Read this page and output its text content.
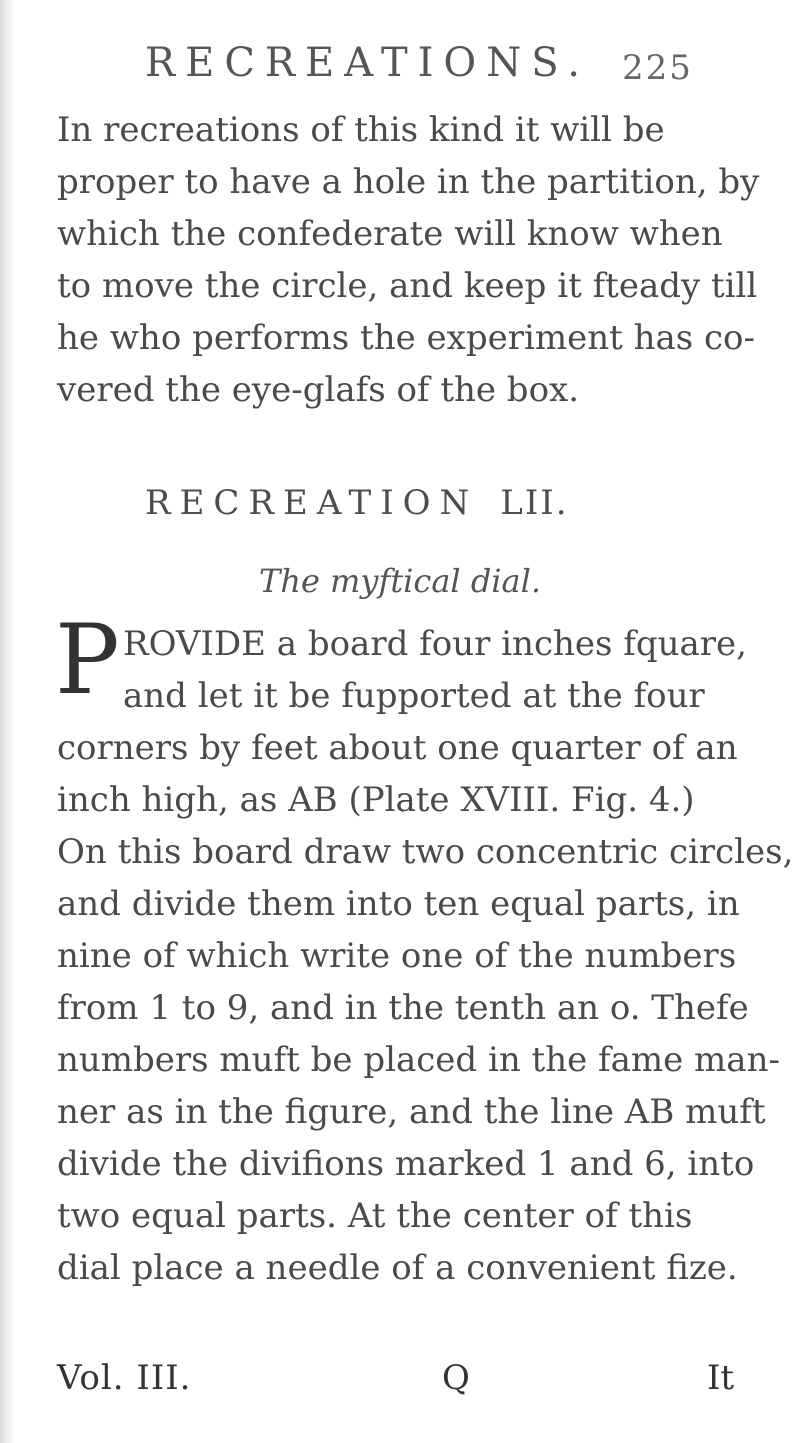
RECREATIONS. 225
In recreations of this kind it will be
proper to have a hole in the partition, by
which the confederate will know when
to move the circle, and keep it fteady till
he who performs the experiment has co-
vered the eye-glafs of the box.
RECREATION LII.
The myftical dial.
P ROVIDE a board four inches fquare,
and let it be fupported at the four
corners by feet about one quarter of an
inch high, as AB (Plate XVIII. Fig. 4.)
On this board draw two concentric circles,
and divide them into ten equal parts, in
nine of which write one of the numbers
from 1 to 9, and in the tenth an o. Thefe
numbers muft be placed in the fame man-
ner as in the figure, and the line AB muft
divide the divifions marked 1 and 6, into
two equal parts. At the center of this
dial place a needle of a convenient fize.
Vol. III.	Q	It
